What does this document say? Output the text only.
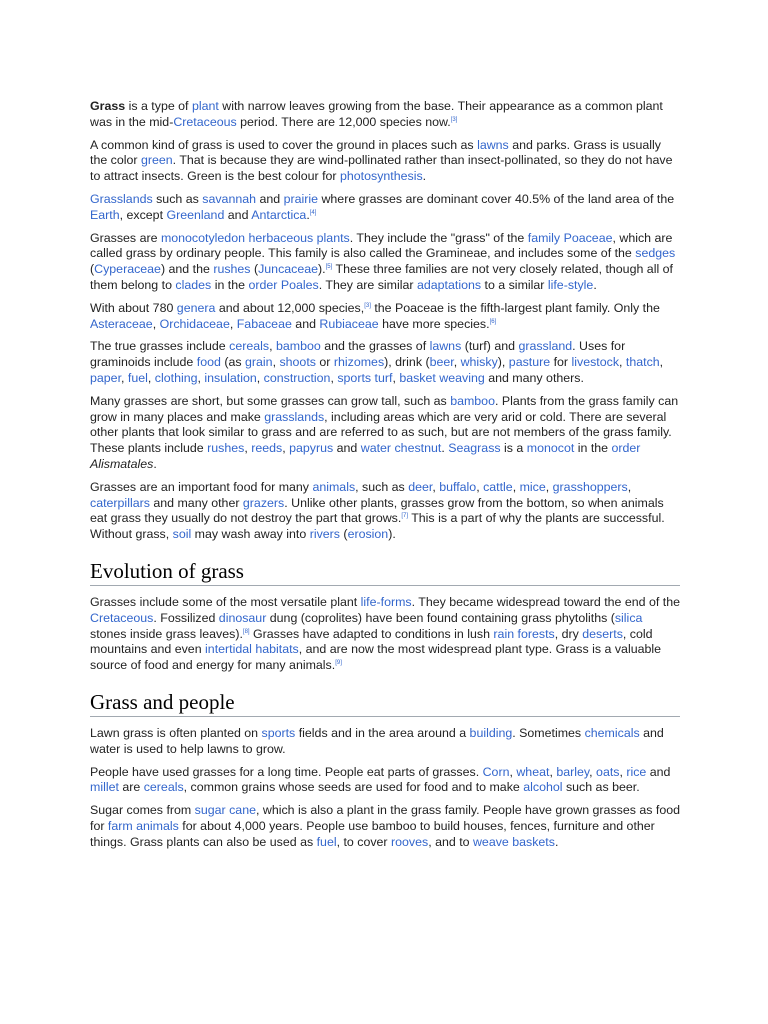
Grass is a type of plant with narrow leaves growing from the base. Their appearance as a common plant was in the mid-Cretaceous period. There are 12,000 species now.[3]

A common kind of grass is used to cover the ground in places such as lawns and parks. Grass is usually the color green. That is because they are wind-pollinated rather than insect-pollinated, so they do not have to attract insects. Green is the best colour for photosynthesis.

Grasslands such as savannah and prairie where grasses are dominant cover 40.5% of the land area of the Earth, except Greenland and Antarctica.[4]

Grasses are monocotyledon herbaceous plants. They include the "grass" of the family Poaceae, which are called grass by ordinary people. This family is also called the Gramineae, and includes some of the sedges (Cyperaceae) and the rushes (Juncaceae).[5] These three families are not very closely related, though all of them belong to clades in the order Poales. They are similar adaptations to a similar life-style.

With about 780 genera and about 12,000 species,[3] the Poaceae is the fifth-largest plant family. Only the Asteraceae, Orchidaceae, Fabaceae and Rubiaceae have more species.[6]

The true grasses include cereals, bamboo and the grasses of lawns (turf) and grassland. Uses for graminoids include food (as grain, shoots or rhizomes), drink (beer, whisky), pasture for livestock, thatch, paper, fuel, clothing, insulation, construction, sports turf, basket weaving and many others.

Many grasses are short, but some grasses can grow tall, such as bamboo. Plants from the grass family can grow in many places and make grasslands, including areas which are very arid or cold. There are several other plants that look similar to grass and are referred to as such, but are not members of the grass family. These plants include rushes, reeds, papyrus and water chestnut. Seagrass is a monocot in the order Alismatales.

Grasses are an important food for many animals, such as deer, buffalo, cattle, mice, grasshoppers, caterpillars and many other grazers. Unlike other plants, grasses grow from the bottom, so when animals eat grass they usually do not destroy the part that grows.[7] This is a part of why the plants are successful. Without grass, soil may wash away into rivers (erosion).

Evolution of grass

Grasses include some of the most versatile plant life-forms. They became widespread toward the end of the Cretaceous. Fossilized dinosaur dung (coprolites) have been found containing grass phytoliths (silica stones inside grass leaves).[8] Grasses have adapted to conditions in lush rain forests, dry deserts, cold mountains and even intertidal habitats, and are now the most widespread plant type. Grass is a valuable source of food and energy for many animals.[9]

Grass and people

Lawn grass is often planted on sports fields and in the area around a building. Sometimes chemicals and water is used to help lawns to grow.

People have used grasses for a long time. People eat parts of grasses. Corn, wheat, barley, oats, rice and millet are cereals, common grains whose seeds are used for food and to make alcohol such as beer.

Sugar comes from sugar cane, which is also a plant in the grass family. People have grown grasses as food for farm animals for about 4,000 years. People use bamboo to build houses, fences, furniture and other things. Grass plants can also be used as fuel, to cover rooves, and to weave baskets.
